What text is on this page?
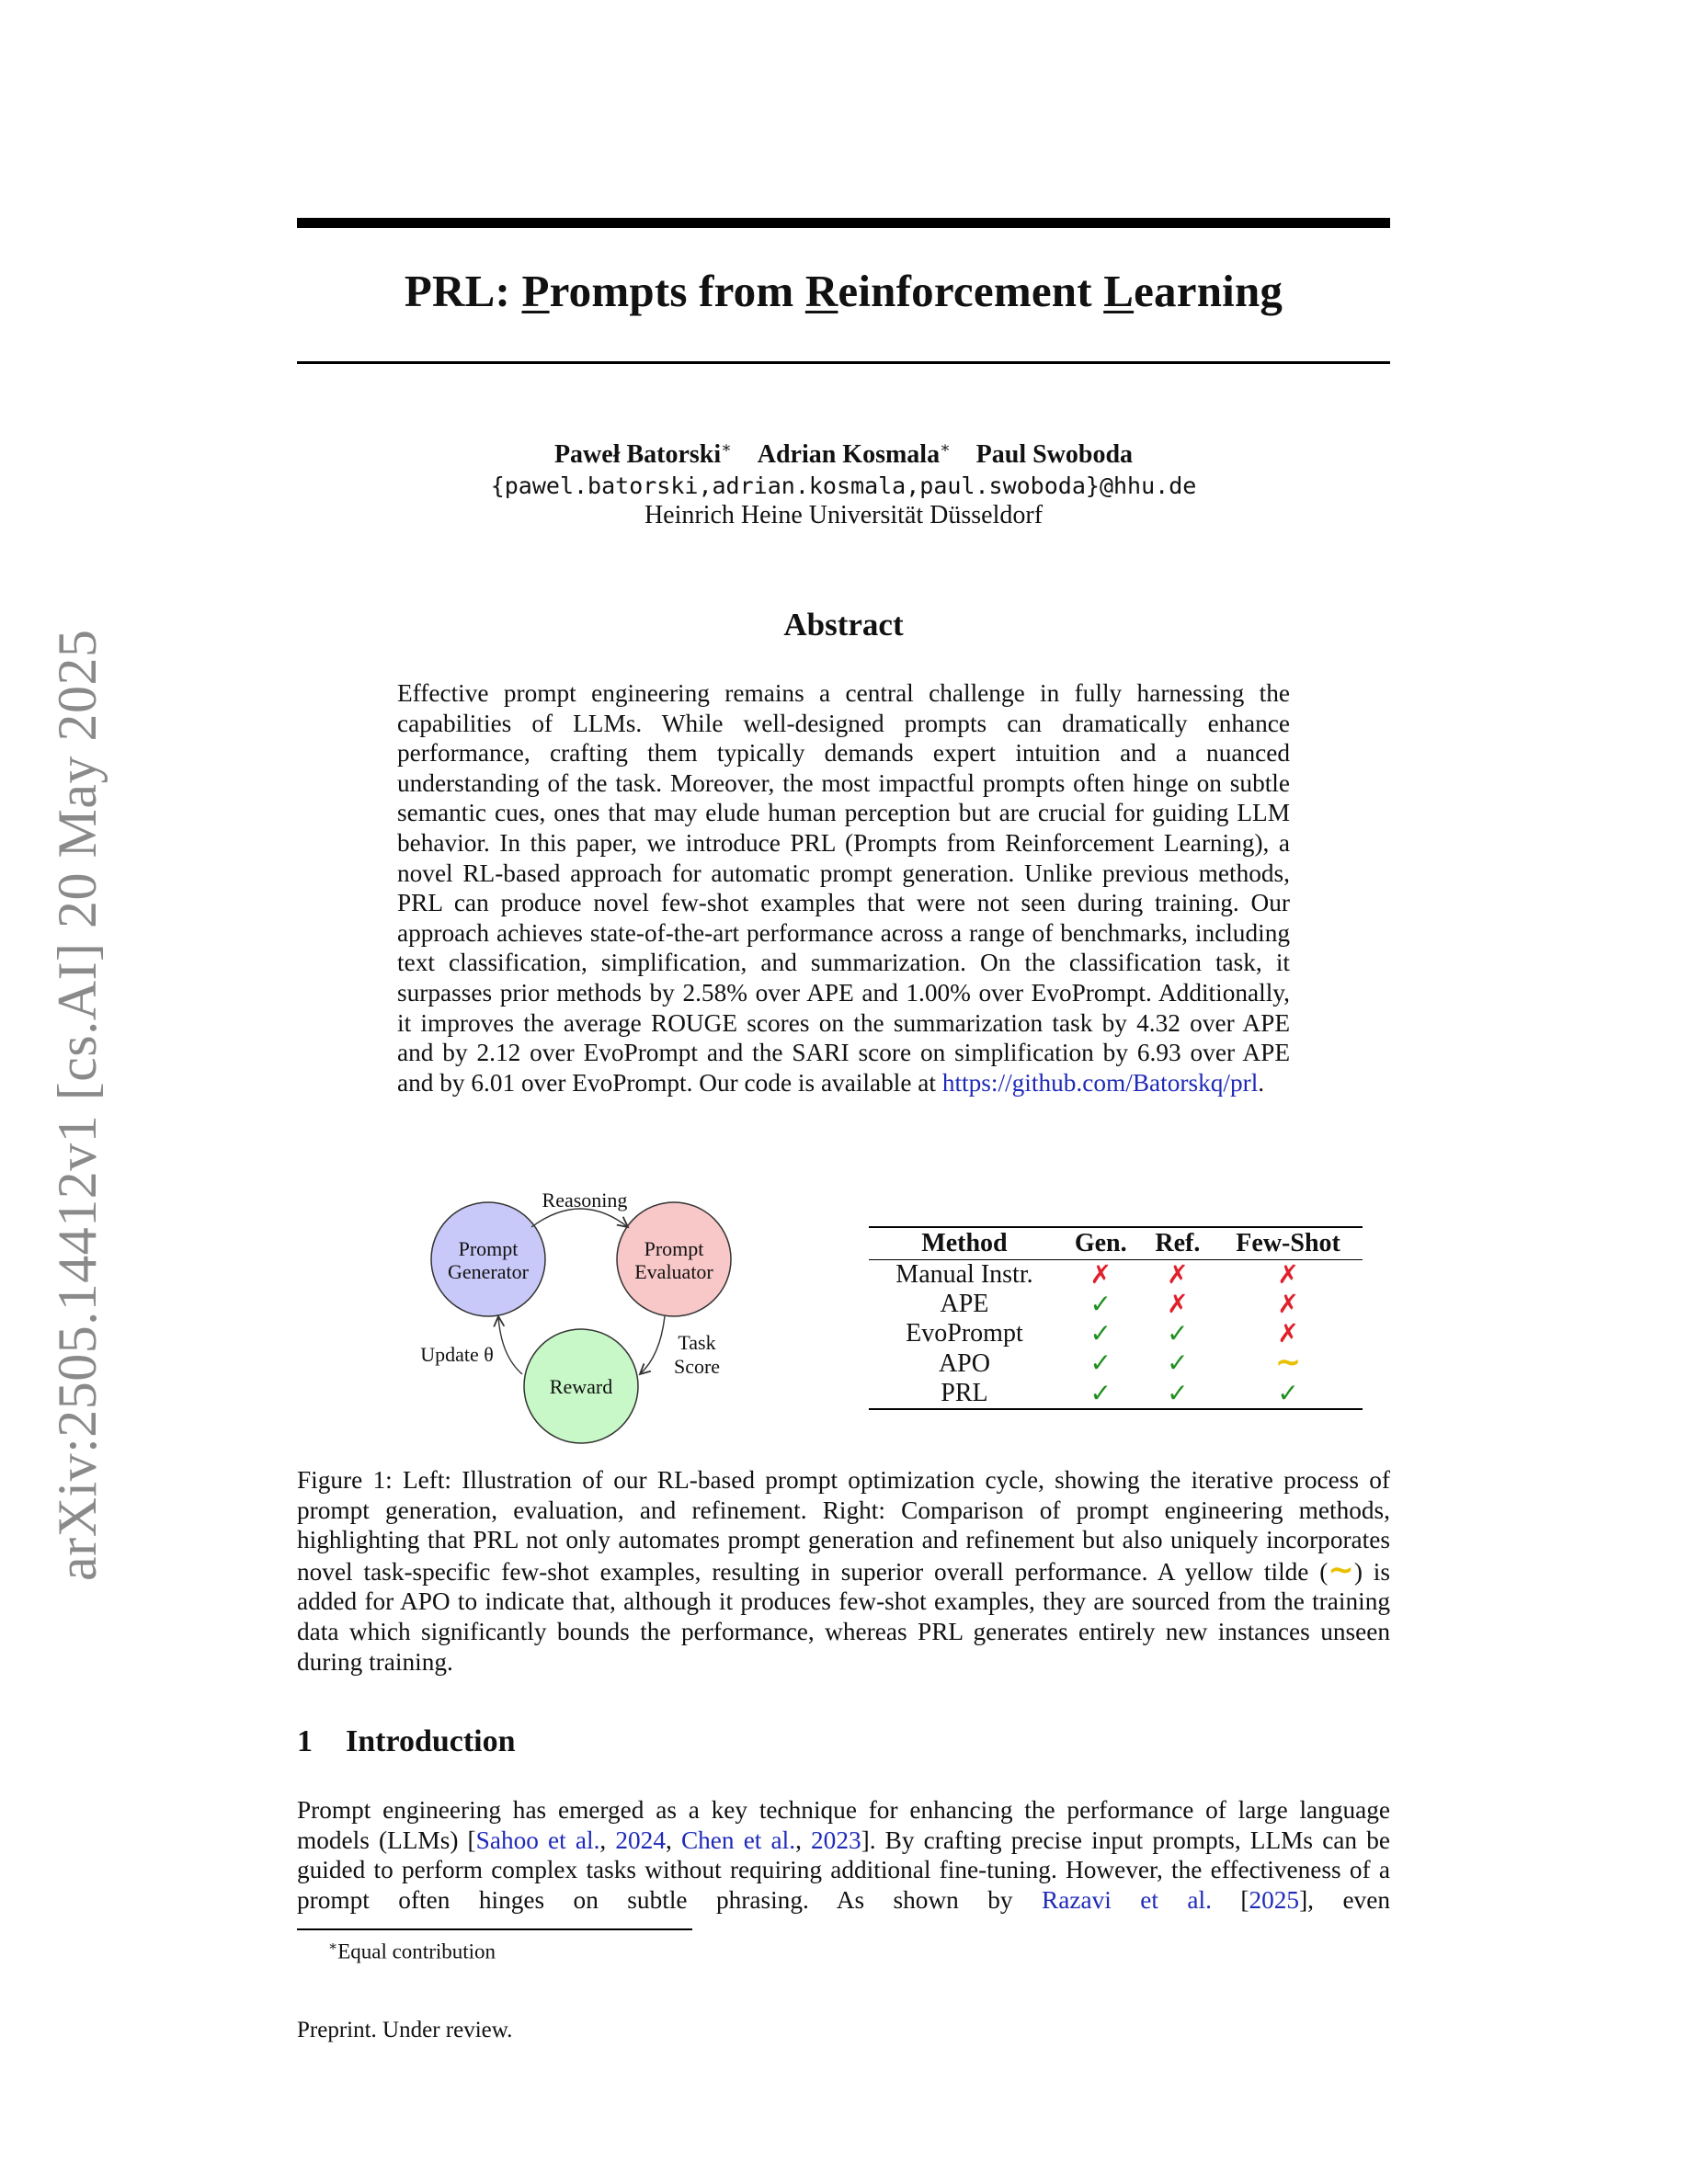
arXiv:2505.14412v1 [cs.AI] 20 May 2025
PRL: Prompts from Reinforcement Learning
Paweł Batorski∗ Adrian Kosmala∗ Paul Swoboda
{pawel.batorski,adrian.kosmala,paul.swoboda}@hhu.de
Heinrich Heine Universität Düsseldorf
Abstract
Effective prompt engineering remains a central challenge in fully harnessing the capabilities of LLMs. While well-designed prompts can dramatically enhance performance, crafting them typically demands expert intuition and a nuanced understanding of the task. Moreover, the most impactful prompts often hinge on subtle semantic cues, ones that may elude human perception but are crucial for guiding LLM behavior. In this paper, we introduce PRL (Prompts from Reinforcement Learning), a novel RL-based approach for automatic prompt generation. Unlike previous methods, PRL can produce novel few-shot examples that were not seen during training. Our approach achieves state-of-the-art performance across a range of benchmarks, including text classification, simplification, and summarization. On the classification task, it surpasses prior methods by 2.58% over APE and 1.00% over EvoPrompt. Additionally, it improves the average ROUGE scores on the summarization task by 4.32 over APE and by 2.12 over EvoPrompt and the SARI score on simplification by 6.93 over APE and by 6.01 over EvoPrompt. Our code is available at https://github.com/Batorskq/prl.
Prompt
Generator
Prompt
Evaluator
Reward
Reasoning
Task
Score
Update θ
Method	Gen.	Ref.	Few-Shot
Manual Instr.	✗	✗	✗
APE	✓	✗	✗
EvoPrompt	✓	✓	✗
APO	✓	✓	∼
PRL	✓	✓	✓
Figure 1: Left: Illustration of our RL-based prompt optimization cycle, showing the iterative process of prompt generation, evaluation, and refinement. Right: Comparison of prompt engineering methods, highlighting that PRL not only automates prompt generation and refinement but also uniquely incorporates novel task-specific few-shot examples, resulting in superior overall performance. A yellow tilde (∼) is added for APO to indicate that, although it produces few-shot examples, they are sourced from the training data which significantly bounds the performance, whereas PRL generates entirely new instances unseen during training.
1 Introduction
Prompt engineering has emerged as a key technique for enhancing the performance of large language models (LLMs) [Sahoo et al., 2024, Chen et al., 2023]. By crafting precise input prompts, LLMs can be guided to perform complex tasks without requiring additional fine-tuning. However, the effectiveness of a prompt often hinges on subtle phrasing. As shown by Razavi et al. [2025], even
∗Equal contribution
Preprint. Under review.
